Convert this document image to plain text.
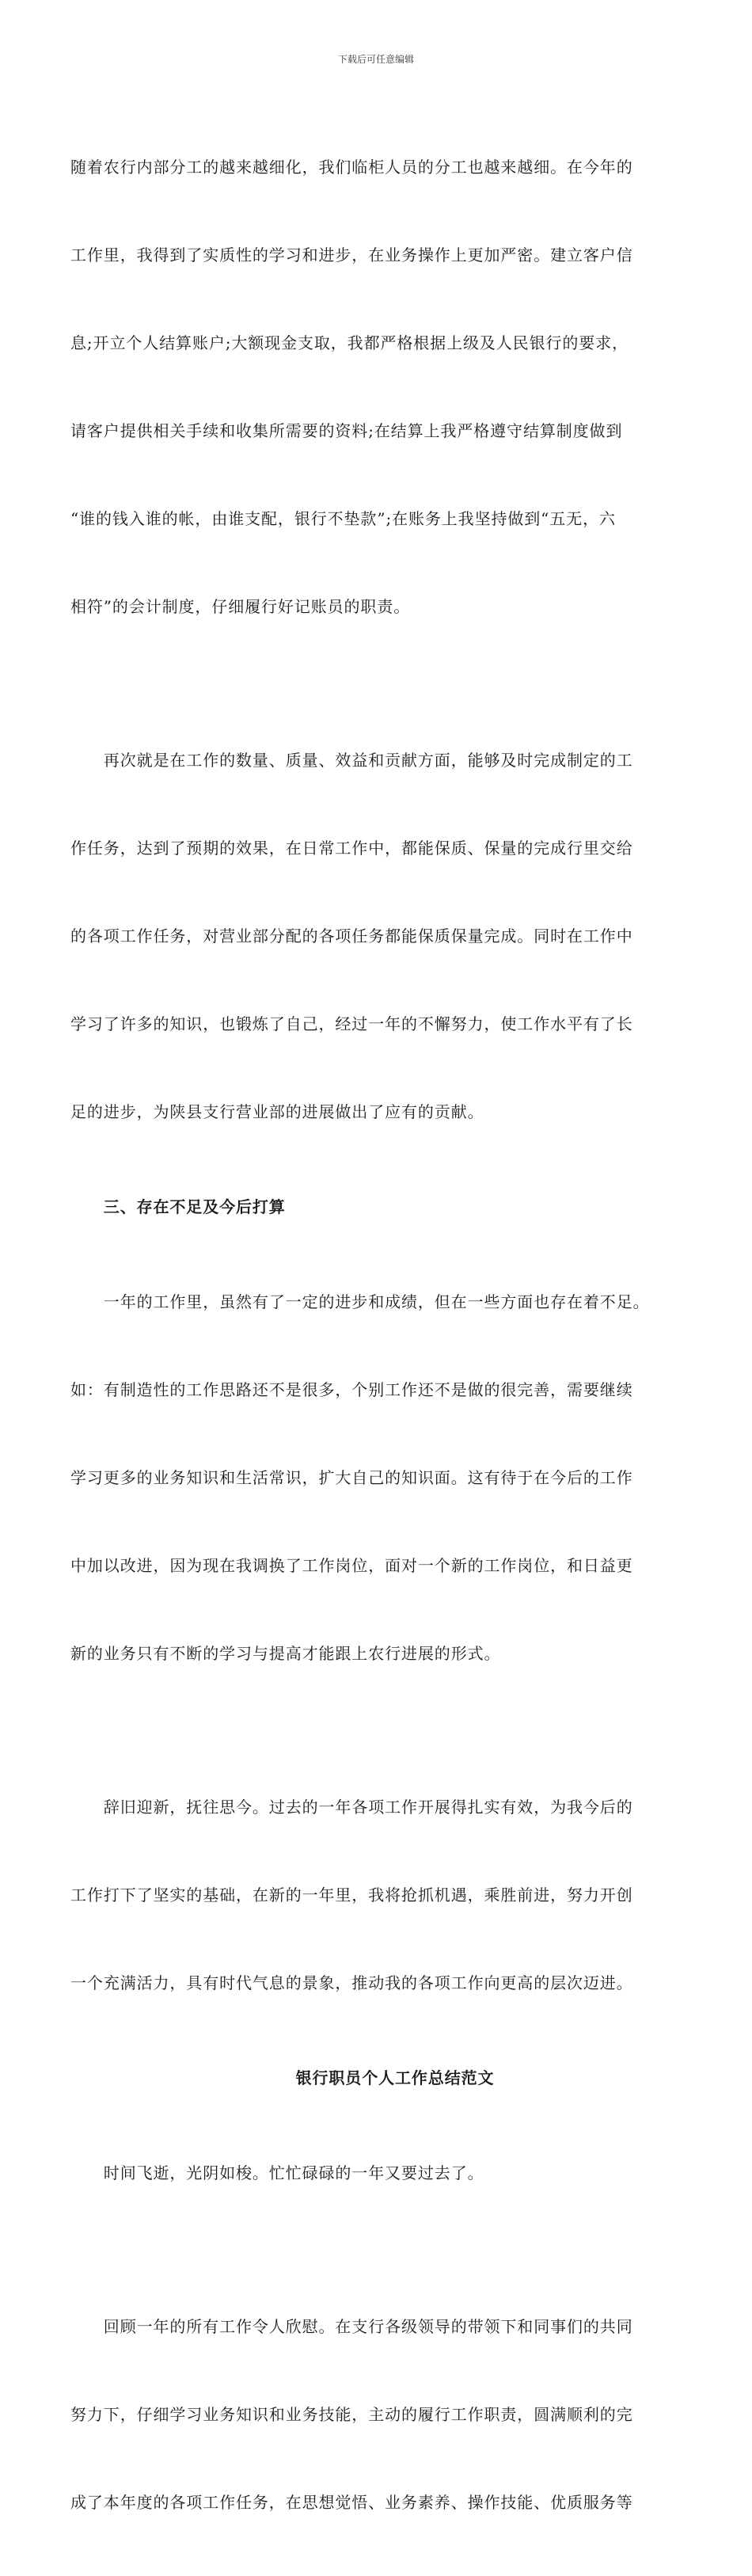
下载后可任意编辑

随着农行内部分工的越来越细化，我们临柜人员的分工也越来越细。在今年的

工作里，我得到了实质性的学习和进步，在业务操作上更加严密。建立客户信

息;开立个人结算账户;大额现金支取，我都严格根据上级及人民银行的要求，

请客户提供相关手续和收集所需要的资料;在结算上我严格遵守结算制度做到

“谁的钱入谁的帐，由谁支配，银行不垫款”;在账务上我坚持做到“五无，六

相符”的会计制度，仔细履行好记账员的职责。

　　再次就是在工作的数量、质量、效益和贡献方面，能够及时完成制定的工

作任务，达到了预期的效果，在日常工作中，都能保质、保量的完成行里交给

的各项工作任务，对营业部分配的各项任务都能保质保量完成。同时在工作中

学习了许多的知识，也锻炼了自己，经过一年的不懈努力，使工作水平有了长

足的进步，为陕县支行营业部的进展做出了应有的贡献。

　　三、存在不足及今后打算

　　一年的工作里，虽然有了一定的进步和成绩，但在一些方面也存在着不足。

如：有制造性的工作思路还不是很多，个别工作还不是做的很完善，需要继续

学习更多的业务知识和生活常识，扩大自己的知识面。这有待于在今后的工作

中加以改进，因为现在我调换了工作岗位，面对一个新的工作岗位，和日益更

新的业务只有不断的学习与提高才能跟上农行进展的形式。

　　辞旧迎新，抚往思今。过去的一年各项工作开展得扎实有效，为我今后的

工作打下了坚实的基础，在新的一年里，我将抢抓机遇，乘胜前进，努力开创

一个充满活力，具有时代气息的景象，推动我的各项工作向更高的层次迈进。

银行职员个人工作总结范文

　　时间飞逝，光阴如梭。忙忙碌碌的一年又要过去了。

　　回顾一年的所有工作令人欣慰。在支行各级领导的带领下和同事们的共同

努力下，仔细学习业务知识和业务技能，主动的履行工作职责，圆满顺利的完

成了本年度的各项工作任务，在思想觉悟、业务素养、操作技能、优质服务等
